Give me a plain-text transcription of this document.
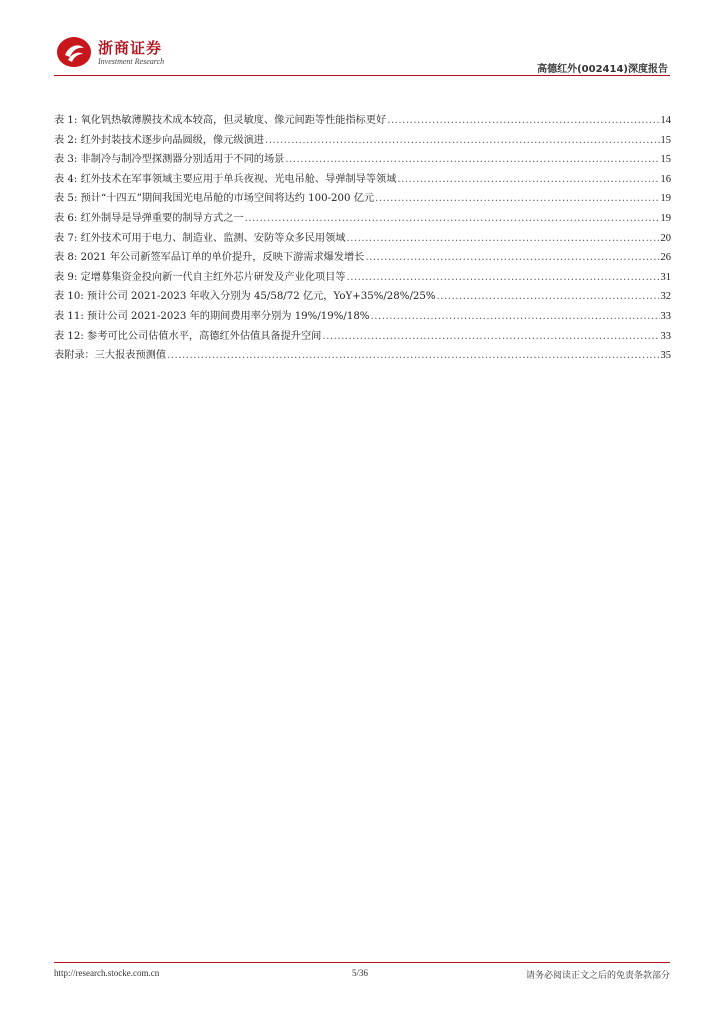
浙商证券
Investment Research
高德红外(002414)深度报告
表 1: 氧化钒热敏薄膜技术成本较高，但灵敏度、像元间距等性能指标更好 .....	14
表 2: 红外封装技术逐步向晶圆级，像元级演进 .....	15
表 3: 非制冷与制冷型探测器分别适用于不同的场景 .....	15
表 4: 红外技术在军事领域主要应用于单兵夜视、光电吊舱、导弹制导等领域 .....	16
表 5: 预计“十四五”期间我国光电吊舱的市场空间将达约 100-200 亿元 .....	19
表 6: 红外制导是导弹重要的制导方式之一 .....	19
表 7: 红外技术可用于电力、制造业、监测、安防等众多民用领域 .....	20
表 8: 2021 年公司新签军品订单的单价提升，反映下游需求爆发增长 .....	26
表 9: 定增募集资金投向新一代自主红外芯片研发及产业化项目等 .....	31
表 10: 预计公司 2021-2023 年收入分别为 45/58/72 亿元，YoY+35%/28%/25% .....	32
表 11: 预计公司 2021-2023 年的期间费用率分别为 19%/19%/18% .....	33
表 12: 参考可比公司估值水平，高德红外估值具备提升空间 .....	33
表附录：三大报表预测值 .....	35
http://research.stocke.com.cn	5/36	请务必阅读正文之后的免责条款部分
